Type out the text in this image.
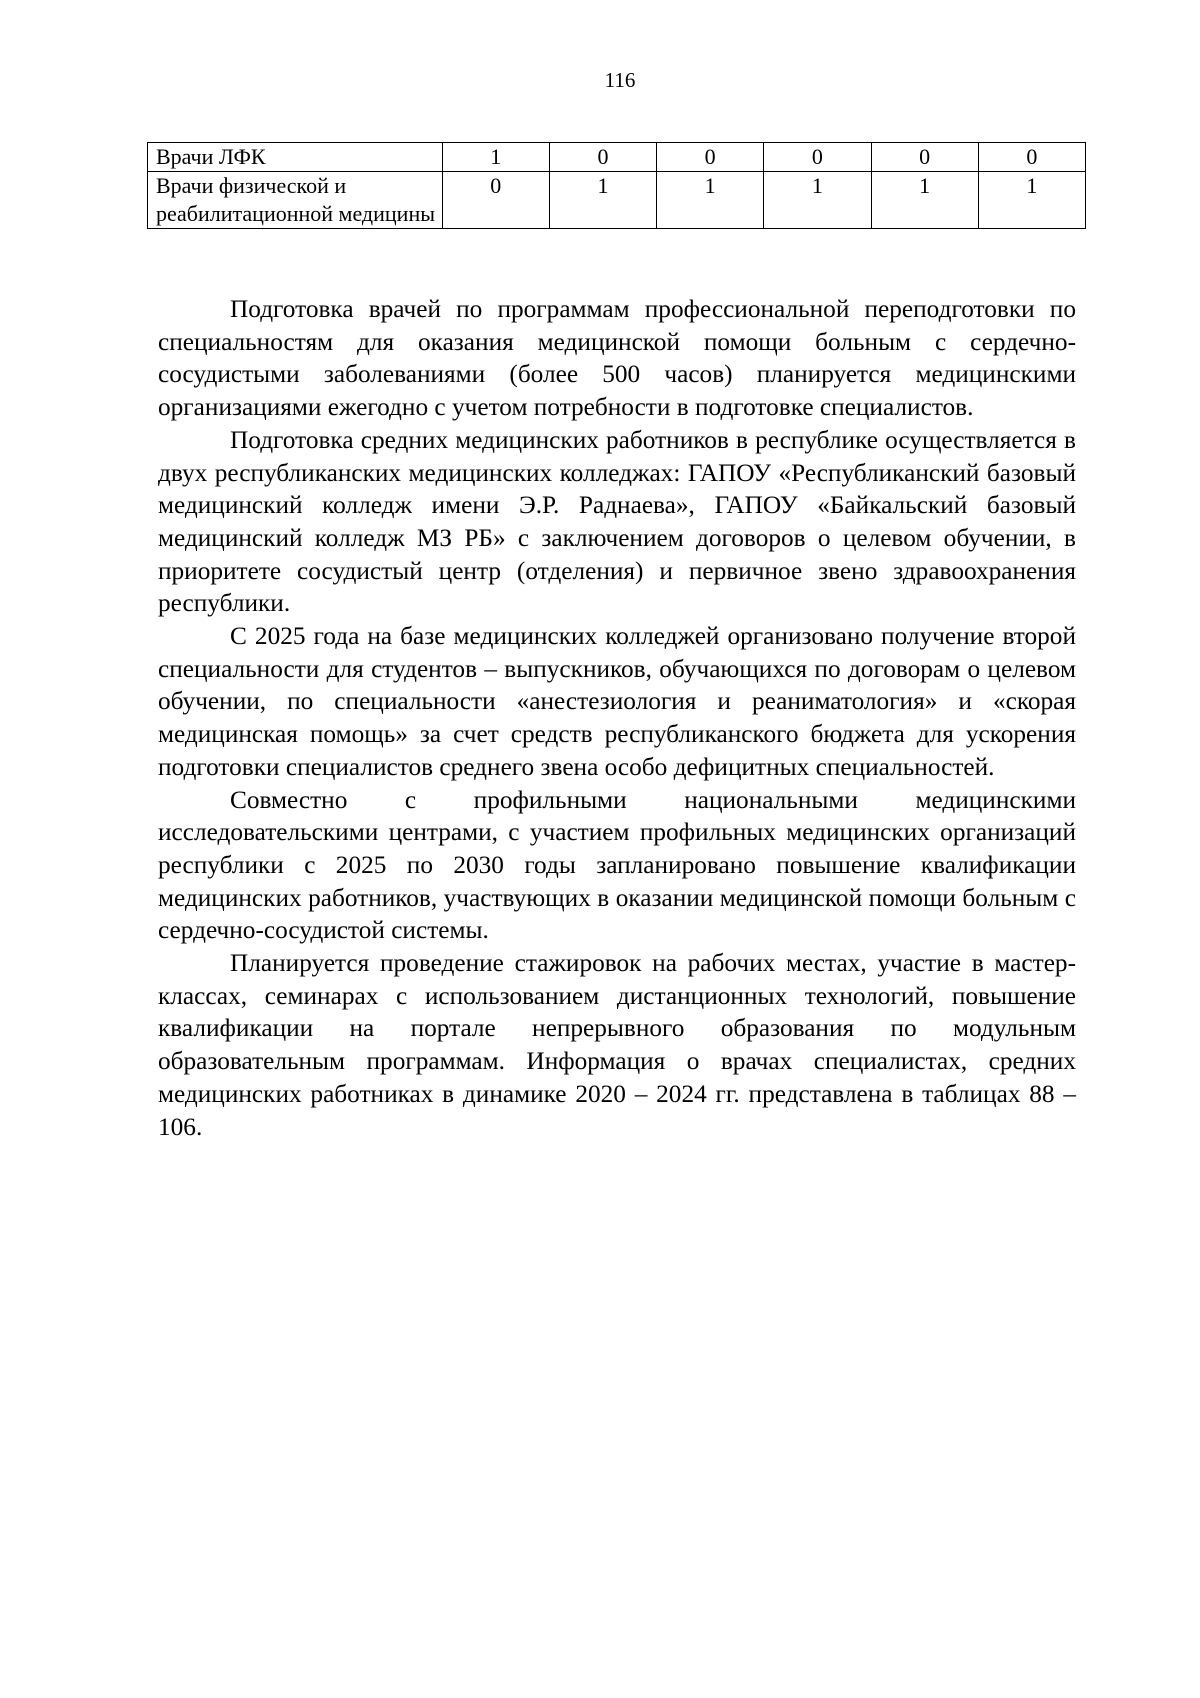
116
Врачи ЛФК	1	0	0	0	0	0
Врачи физической и реабилитационной медицины	0	1	1	1	1	1

Подготовка врачей по программам профессиональной переподготовки по специальностям для оказания медицинской помощи больным с сердечно-сосудистыми заболеваниями (более 500 часов) планируется медицинскими организациями ежегодно с учетом потребности в подготовке специалистов.

Подготовка средних медицинских работников в республике осуществляется в двух республиканских медицинских колледжах: ГАПОУ «Республиканский базовый медицинский колледж имени Э.Р. Раднаева», ГАПОУ «Байкальский базовый медицинский колледж МЗ РБ» с заключением договоров о целевом обучении, в приоритете сосудистый центр (отделения) и первичное звено здравоохранения республики.

С 2025 года на базе медицинских колледжей организовано получение второй специальности для студентов – выпускников, обучающихся по договорам о целевом обучении, по специальности «анестезиология и реаниматология» и «скорая медицинская помощь» за счет средств республиканского бюджета для ускорения подготовки специалистов среднего звена особо дефицитных специальностей.

Совместно с профильными национальными медицинскими исследовательскими центрами, с участием профильных медицинских организаций республики с 2025 по 2030 годы запланировано повышение квалификации медицинских работников, участвующих в оказании медицинской помощи больным с сердечно-сосудистой системы.

Планируется проведение стажировок на рабочих местах, участие в мастер-классах, семинарах с использованием дистанционных технологий, повышение квалификации на портале непрерывного образования по модульным образовательным программам. Информация о врачах специалистах, средних медицинских работниках в динамике 2020 – 2024 гг. представлена в таблицах 88 – 106.
